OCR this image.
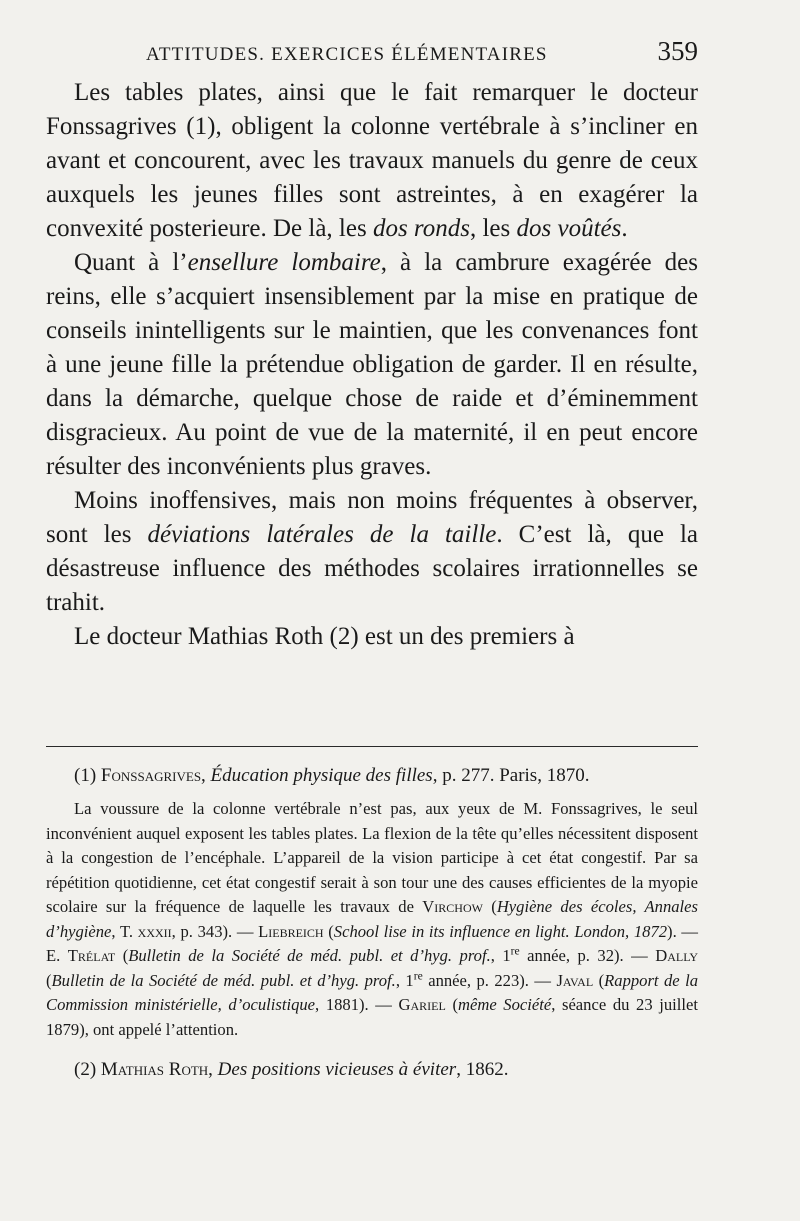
ATTITUDES. EXERCICES ÉLÉMENTAIRES	359

Les tables plates, ainsi que le fait remarquer le docteur Fonssagrives (1), obligent la colonne vertébrale à s’incliner en avant et concourent, avec les travaux manuels du genre de ceux auxquels les jeunes filles sont astreintes, à en exagérer la convexité posterieure. De là, les dos ronds, les dos voûtés.

Quant à l’ensellure lombaire, à la cambrure exagérée des reins, elle s’acquiert insensiblement par la mise en pratique de conseils inintelligents sur le maintien, que les convenances font à une jeune fille la prétendue obligation de garder. Il en résulte, dans la démarche, quelque chose de raide et d’éminemment disgracieux. Au point de vue de la maternité, il en peut encore résulter des inconvénients plus graves.

Moins inoffensives, mais non moins fréquentes à observer, sont les déviations latérales de la taille. C’est là, que la désastreuse influence des méthodes scolaires irrationnelles se trahit.

Le docteur Mathias Roth (2) est un des premiers à

(1) Fonssagrives, Éducation physique des filles, p. 277. Paris, 1870.

La voussure de la colonne vertébrale n’est pas, aux yeux de M. Fonssagrives, le seul inconvénient auquel exposent les tables plates. La flexion de la tête qu’elles nécessitent disposent à la congestion de l’encéphale. L’appareil de la vision participe à cet état congestif. Par sa répétition quotidienne, cet état congestif serait à son tour une des causes efficientes de la myopie scolaire sur la fréquence de laquelle les travaux de Virchow (Hygiène des écoles, Annales d’hygiène, T. xxxii, p. 343). — Liebreich (School lise in its influence en light. London, 1872). — E. Trélat (Bulletin de la Société de méd. publ. et d’hyg. prof., 1re année, p. 32). — Dally (Bulletin de la Société de méd. publ. et d’hyg. prof., 1re année, p. 223). — Javal (Rapport de la Commission ministérielle, d’oculistique, 1881). — Gariel (même Société, séance du 23 juillet 1879), ont appelé l’attention.

(2) Mathias Roth, Des positions vicieuses à éviter, 1862.
